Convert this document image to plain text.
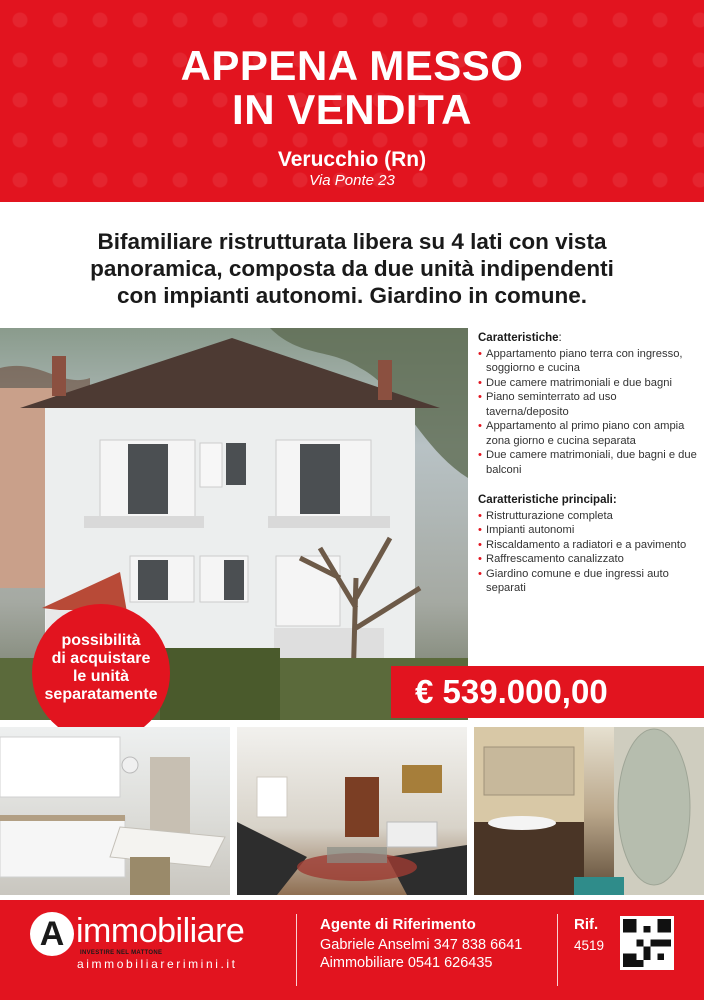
APPENA MESSO
IN VENDITA
Verucchio (Rn)
Via Ponte 23
Bifamiliare ristrutturata libera su 4 lati con vista
panoramica, composta da due unità indipendenti
con impianti autonomi. Giardino in comune.
Caratteristiche:
• Appartamento piano terra con ingresso, soggiorno e cucina
• Due camere matrimoniali e due bagni
• Piano seminterrato ad uso taverna/deposito
• Appartamento al primo piano con ampia zona giorno e cucina separata
• Due camere matrimoniali, due bagni e due balconi
Caratteristiche principali:
• Ristrutturazione completa
• Impianti autonomi
• Riscaldamento a radiatori e a pavimento
• Raffrescamento canalizzato
• Giardino comune e due ingressi auto separati
€ 539.000,00
possibilità
di acquistare
le unità
separatamente
A immobiliare
INVESTIRE NEL MATTONE
aimmobiliarerimini.it
Agente di Riferimento
Gabriele Anselmi 347 838 6641
Aimmobiliare 0541 626435
Rif.
4519
